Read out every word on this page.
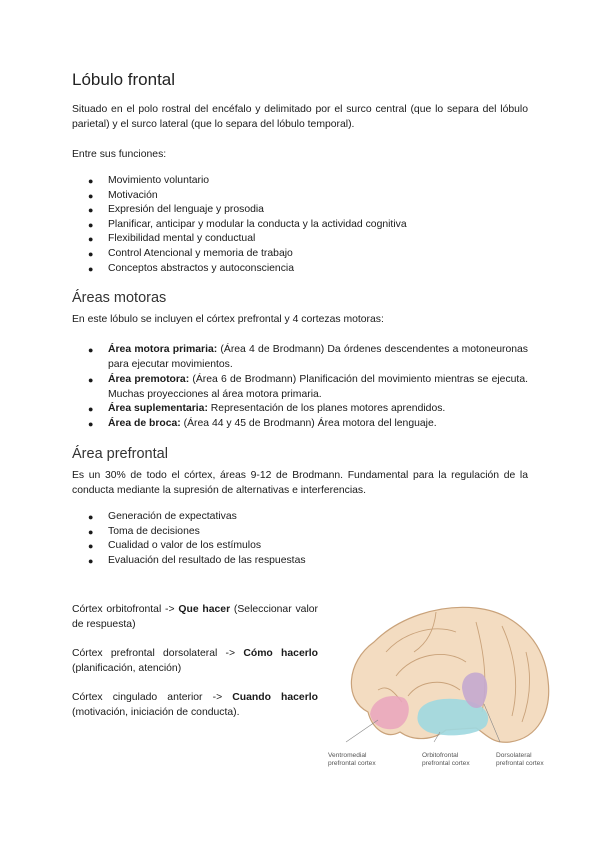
Lóbulo frontal

Situado en el polo rostral del encéfalo y delimitado por el surco central (que lo separa del lóbulo parietal) y el surco lateral (que lo separa del lóbulo temporal).

Entre sus funciones:

● Movimiento voluntario
● Motivación
● Expresión del lenguaje y prosodia
● Planificar, anticipar y modular la conducta y la actividad cognitiva
● Flexibilidad mental y conductual
● Control Atencional y memoria de trabajo
● Conceptos abstractos y autoconsciencia
Áreas motoras

En este lóbulo se incluyen el córtex prefrontal y 4 cortezas motoras:

● Área motora primaria: (Área 4 de Brodmann) Da órdenes descendentes a motoneuronas para ejecutar movimientos.
● Área premotora: (Área 6 de Brodmann) Planificación del movimiento mientras se ejecuta. Muchas proyecciones al área motora primaria.
● Área suplementaria: Representación de los planes motores aprendidos.
● Área de broca: (Área 44 y 45 de Brodmann) Área motora del lenguaje.
Área prefrontal

Es un 30% de todo el córtex, áreas 9-12 de Brodmann. Fundamental para la regulación de la conducta mediante la supresión de alternativas e interferencias.

● Generación de expectativas
● Toma de decisiones
● Cualidad o valor de los estímulos
● Evaluación del resultado de las respuestas

Córtex orbitofrontal -> Que hacer (Seleccionar valor de respuesta)

Córtex prefrontal dorsolateral -> Cómo hacerlo (planificación, atención)

Córtex cingulado anterior -> Cuando hacerlo (motivación, iniciación de conducta).

Ventromedial
prefrontal cortex
Orbitofrontal
prefrontal cortex
Dorsolateral
prefrontal cortex
